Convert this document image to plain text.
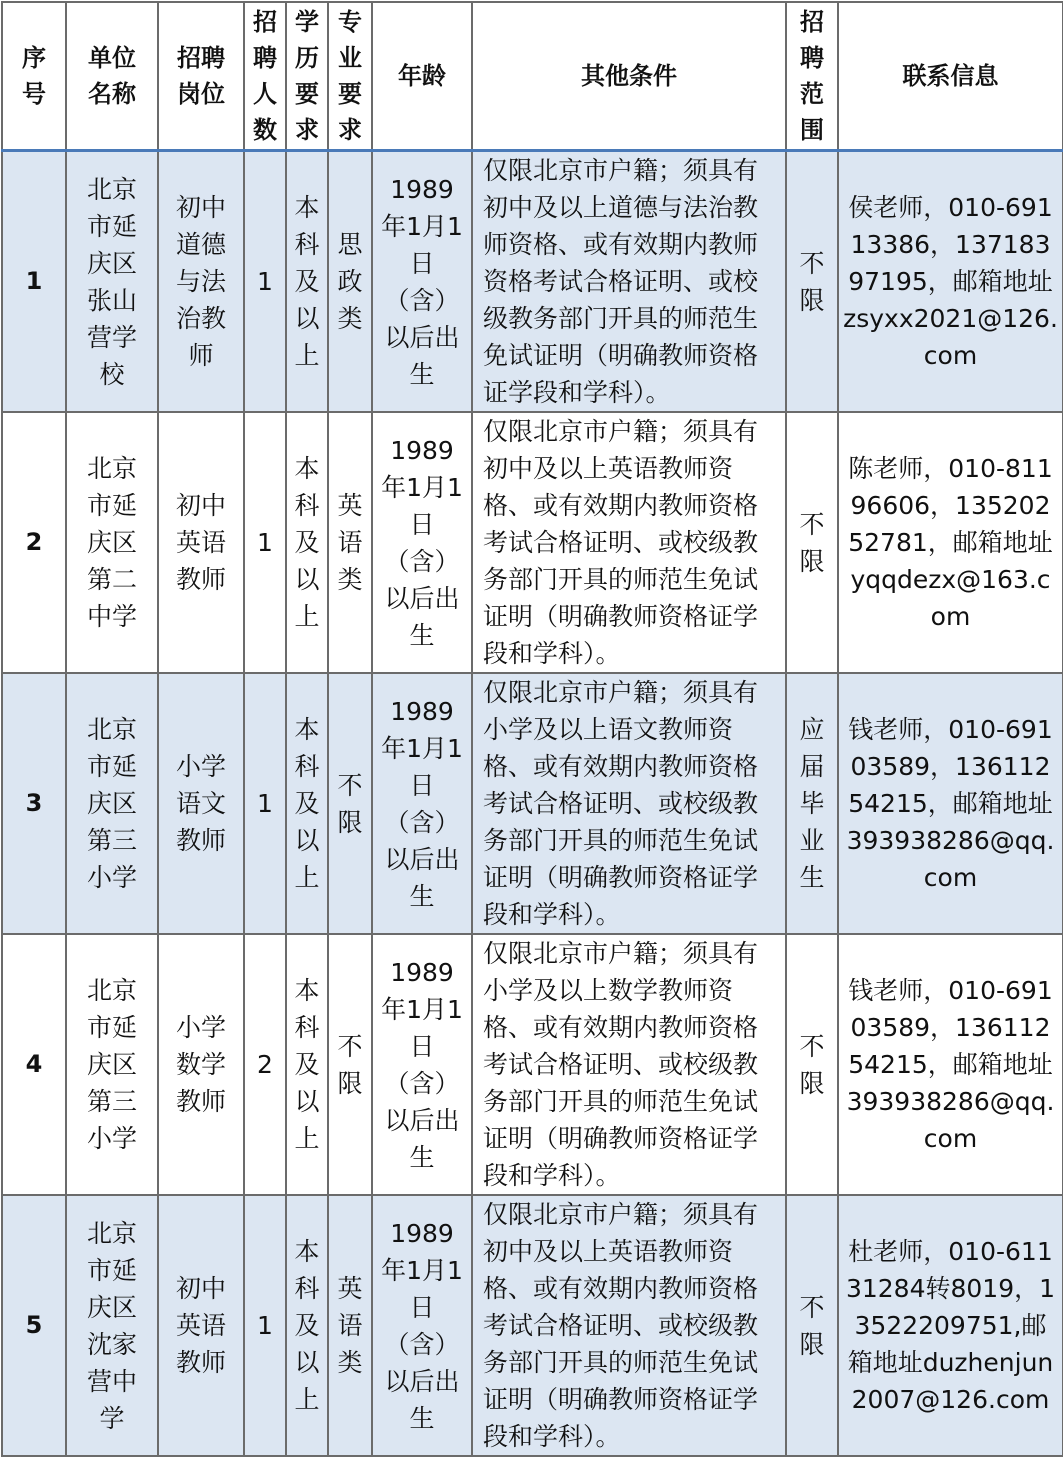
序号	单位名称	招聘岗位	招聘人数	学历要求	专业要求	年龄	其他条件	招聘范围	联系信息
1	北京市延庆区张山营学校	初中道德与法治教师	1	本科及以上	思政类	1989年1月1日（含）以后出生	仅限北京市户籍；须具有初中及以上道德与法治教师资格、或有效期内教师资格考试合格证明、或校级教务部门开具的师范生免试证明（明确教师资格证学段和学科）。	不限	侯老师，010-69113386，13718397195，邮箱地址zsyxx2021@126.com
2	北京市延庆区第二中学	初中英语教师	1	本科及以上	英语类	1989年1月1日（含）以后出生	仅限北京市户籍；须具有初中及以上英语教师资格、或有效期内教师资格考试合格证明、或校级教务部门开具的师范生免试证明（明确教师资格证学段和学科）。	不限	陈老师，010-81196606，13520252781，邮箱地址yqqdezx@163.com
3	北京市延庆区第三小学	小学语文教师	1	本科及以上	不限	1989年1月1日（含）以后出生	仅限北京市户籍；须具有小学及以上语文教师资格、或有效期内教师资格考试合格证明、或校级教务部门开具的师范生免试证明（明确教师资格证学段和学科）。	应届毕业生	钱老师，010-69103589，13611254215，邮箱地址393938286@qq.com
4	北京市延庆区第三小学	小学数学教师	2	本科及以上	不限	1989年1月1日（含）以后出生	仅限北京市户籍；须具有小学及以上数学教师资格、或有效期内教师资格考试合格证明、或校级教务部门开具的师范生免试证明（明确教师资格证学段和学科）。	不限	钱老师，010-69103589，13611254215，邮箱地址393938286@qq.com
5	北京市延庆区沈家营中学	初中英语教师	1	本科及以上	英语类	1989年1月1日（含）以后出生	仅限北京市户籍；须具有初中及以上英语教师资格、或有效期内教师资格考试合格证明、或校级教务部门开具的师范生免试证明（明确教师资格证学段和学科）。	不限	杜老师，010-61131284转8019，13522209751,邮箱地址duzhenjun2007@126.com
